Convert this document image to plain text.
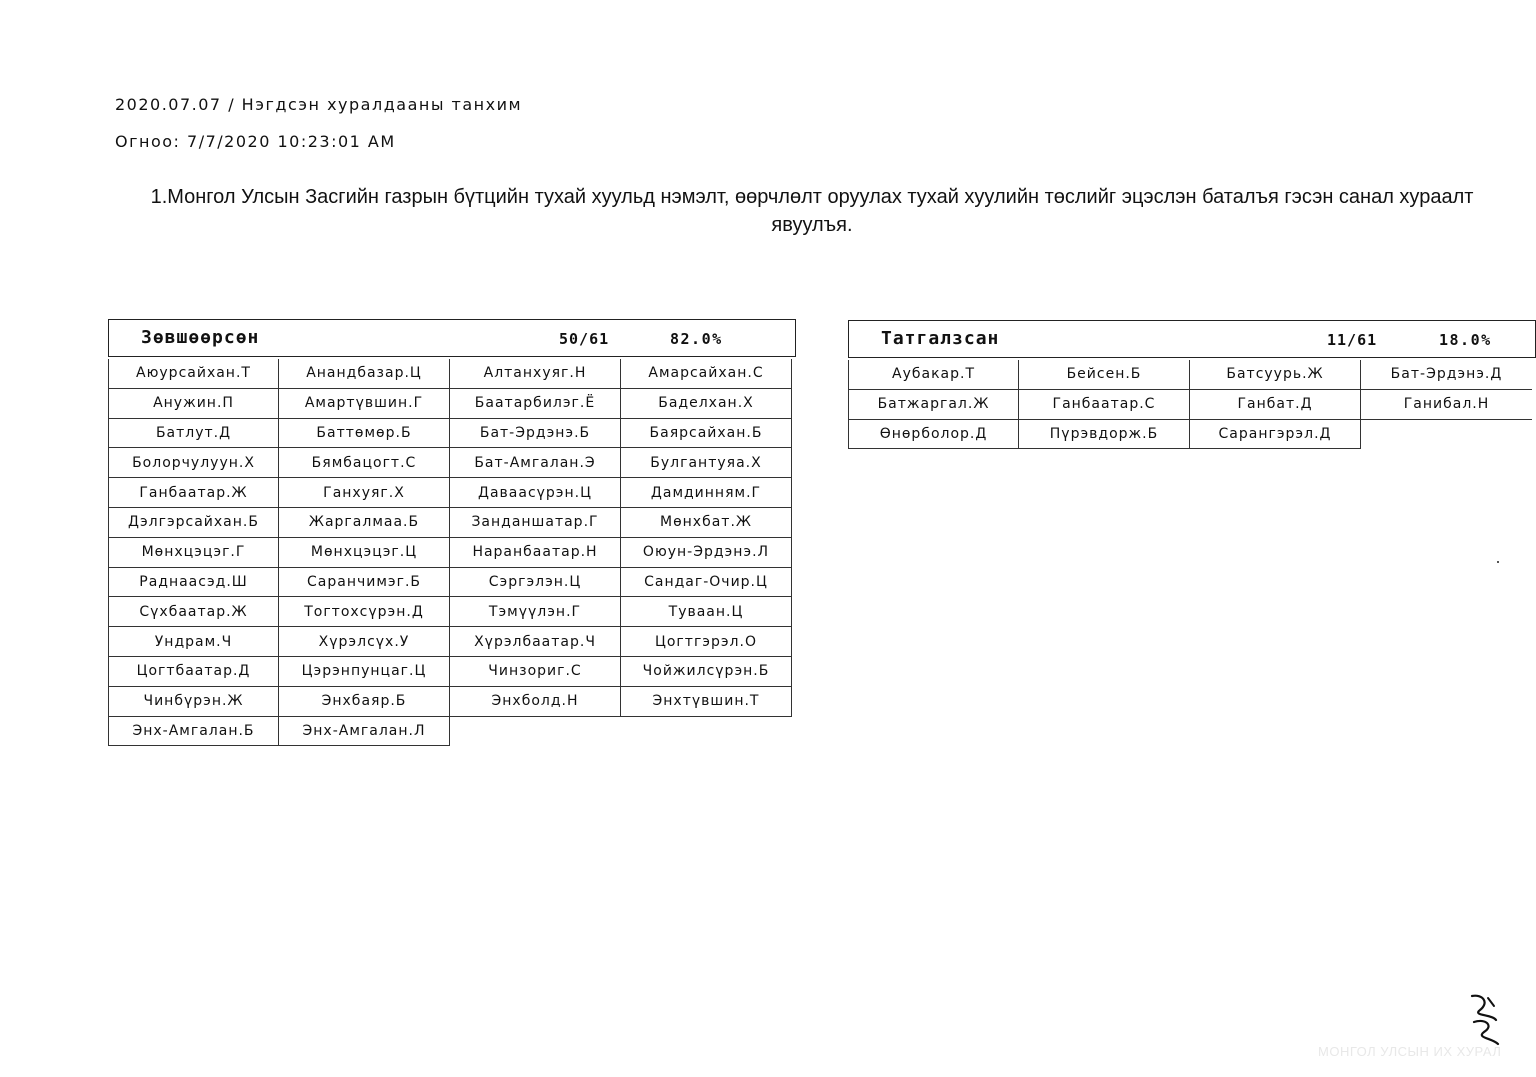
2020.07.07 / Нэгдсэн хуралдааны танхим
Огноо: 7/7/2020 10:23:01 AM
1.Монгол Улсын Засгийн газрын бүтцийн тухай хуульд нэмэлт, өөрчлөлт оруулах тухай хуулийн төслийг эцэслэн баталъя гэсэн санал хураалт
явуулъя.
Зөвшөөрсөн	50/61	82.0%
Аюурсайхан.Т	Анандбазар.Ц	Алтанхуяг.Н	Амарсайхан.С
Анужин.П	Амартүвшин.Г	Баатарбилэг.Ё	Баделхан.Х
Батлут.Д	Баттөмөр.Б	Бат-Эрдэнэ.Б	Баярсайхан.Б
Болорчулуун.Х	Бямбацогт.С	Бат-Амгалан.Э	Булгантуяа.Х
Ганбаатар.Ж	Ганхуяг.Х	Даваасүрэн.Ц	Дамдинням.Г
Дэлгэрсайхан.Б	Жаргалмаа.Б	Занданшатар.Г	Мөнхбат.Ж
Мөнхцэцэг.Г	Мөнхцэцэг.Ц	Наранбаатар.Н	Оюун-Эрдэнэ.Л
Раднаасэд.Ш	Саранчимэг.Б	Сэргэлэн.Ц	Сандаг-Очир.Ц
Сүхбаатар.Ж	Тогтохсүрэн.Д	Тэмүүлэн.Г	Туваан.Ц
Ундрам.Ч	Хүрэлсүх.У	Хүрэлбаатар.Ч	Цогтгэрэл.О
Цогтбаатар.Д	Цэрэнпунцаг.Ц	Чинзориг.С	Чойжилсүрэн.Б
Чинбүрэн.Ж	Энхбаяр.Б	Энхболд.Н	Энхтүвшин.Т
Энх-Амгалан.Б	Энх-Амгалан.Л
Татгалзсан	11/61	18.0%
Аубакар.Т	Бейсен.Б	Батсуурь.Ж	Бат-Эрдэнэ.Д
Батжаргал.Ж	Ганбаатар.С	Ганбат.Д	Ганибал.Н
Өнөрболор.Д	Пүрэвдорж.Б	Сарангэрэл.Д
МОНГОЛ УЛСЫН ИХ ХУРАЛ
